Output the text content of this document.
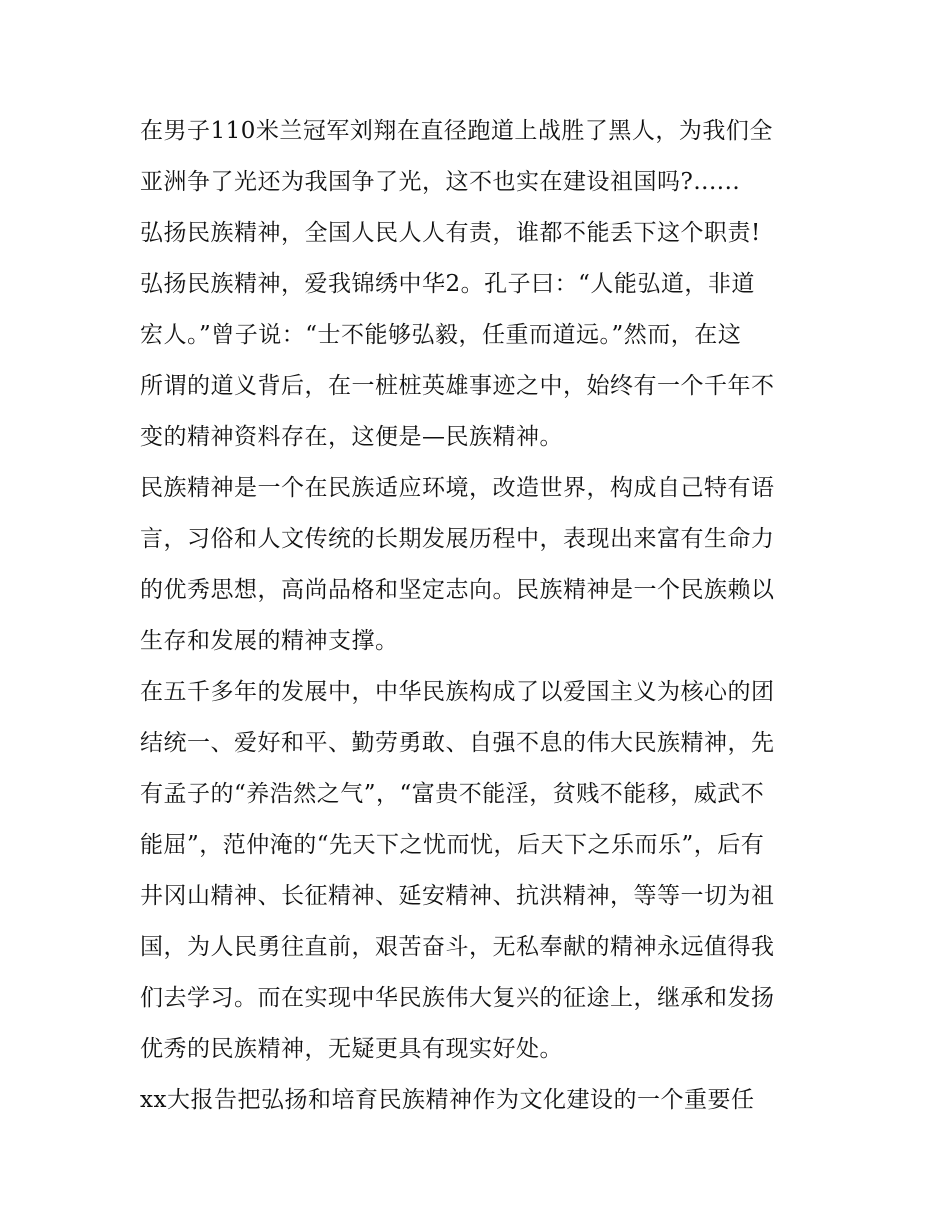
在男子110米兰冠军刘翔在直径跑道上战胜了黑人，为我们全
亚洲争了光还为我国争了光，这不也实在建设祖国吗?......

弘扬民族精神，全国人民人人有责，谁都不能丢下这个职责!

弘扬民族精神，爱我锦绣中华2。孔子曰：“人能弘道，非道
宏人。”曾子说：“士不能够弘毅，任重而道远。”然而，在这
所谓的道义背后，在一桩桩英雄事迹之中，始终有一个千年不
变的精神资料存在，这便是—民族精神。

民族精神是一个在民族适应环境，改造世界，构成自己特有语
言，习俗和人文传统的长期发展历程中，表现出来富有生命力
的优秀思想，高尚品格和坚定志向。民族精神是一个民族赖以
生存和发展的精神支撑。

在五千多年的发展中，中华民族构成了以爱国主义为核心的团
结统一、爱好和平、勤劳勇敢、自强不息的伟大民族精神，先
有孟子的“养浩然之气”，“富贵不能淫，贫贱不能移，威武不
能屈”，范仲淹的“先天下之忧而忧，后天下之乐而乐”，后有
井冈山精神、长征精神、延安精神、抗洪精神，等等一切为祖
国，为人民勇往直前，艰苦奋斗，无私奉献的精神永远值得我
们去学习。而在实现中华民族伟大复兴的征途上，继承和发扬
优秀的民族精神，无疑更具有现实好处。

xx大报告把弘扬和培育民族精神作为文化建设的一个重要任
